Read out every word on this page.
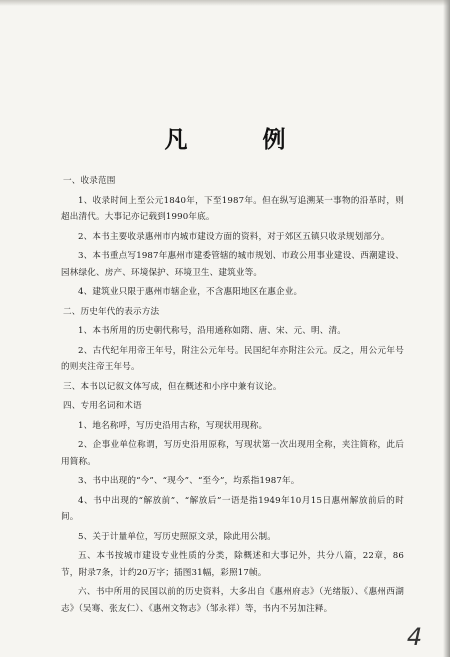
凡　例

一、收录范围

1、收录时间上至公元1840年，下至1987年。但在纵写追溯某一事物的沿革时，则超出清代。大事记亦记载到1990年底。

2、本书主要收录惠州市内城市建设方面的资料，对于郊区五镇只收录规划部分。

3、本书重点写1987年惠州市建委管辖的城市规划、市政公用事业建设、西潮建设、园林绿化、房产、环境保护、环境卫生、建筑业等。

4、建筑业只限于惠州市辖企业，不含惠阳地区在惠企业。

二、历史年代的表示方法

1、本书所用的历史朝代称号，沿用通称如隋、唐、宋、元、明、清。

2、古代纪年用帝王年号，附注公元年号。民国纪年亦附注公元。反之，用公元年号的则夹注帝王年号。

三、本书以记叙文体写成，但在概述和小序中兼有议论。

四、专用名词和术语

1、地名称呼，写历史沿用古称，写现状用现称。

2、企事业单位称谓，写历史沿用原称，写现状第一次出现用全称，夹注简称，此后用简称。

3、书中出现的“今”、“现今”、“至今”，均系指1987年。

4、书中出现的“解放前”、“解放后”一语是指1949年10月15日惠州解放前后的时间。

5、关于计量单位，写历史照原文录，除此用公制。

五、本书按城市建设专业性质的分类，除概述和大事记外，共分八篇，22章，86节，附录7条，计约20万字；插图31幅，彩照17帧。

六、书中所用的民国以前的历史资料，大多出自《惠州府志》（光绪版）、《惠州西湖志》（吴骞、张友仁）、《惠州文物志》（邹永祥）等，书内不另加注释。

4
